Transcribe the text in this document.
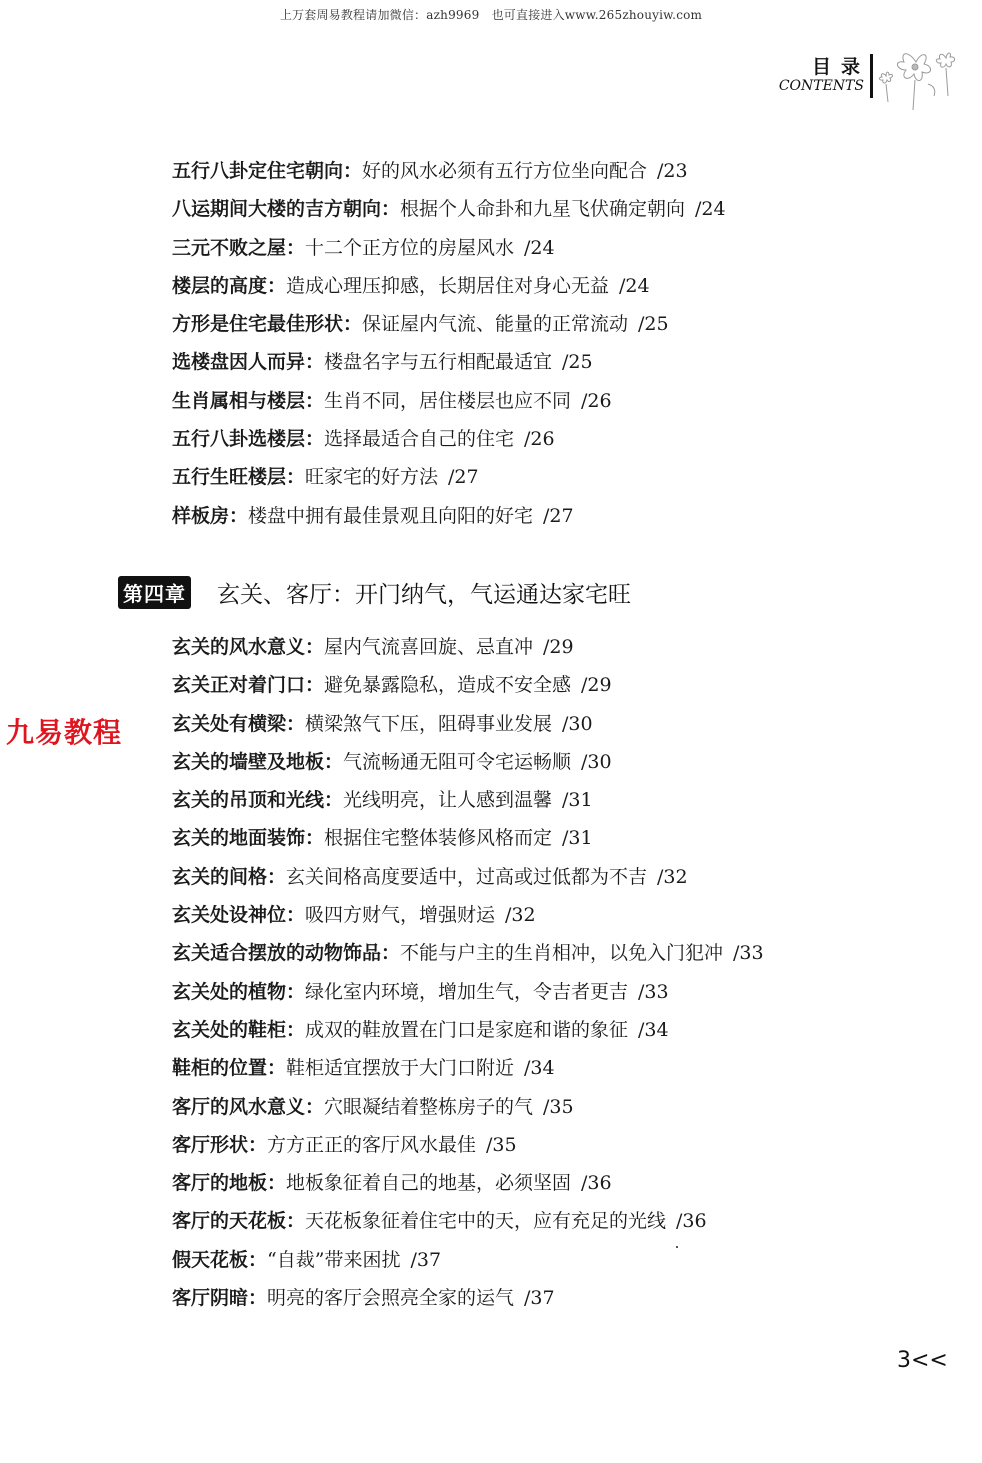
上万套周易教程请加微信：azh9969　也可直接进入www.265zhouyiw.com
目录
CONTENTS
五行八卦定住宅朝向：好的风水必须有五行方位坐向配合 /23
八运期间大楼的吉方朝向：根据个人命卦和九星飞伏确定朝向 /24
三元不败之屋：十二个正方位的房屋风水 /24
楼层的高度：造成心理压抑感，长期居住对身心无益 /24
方形是住宅最佳形状：保证屋内气流、能量的正常流动 /25
选楼盘因人而异：楼盘名字与五行相配最适宜 /25
生肖属相与楼层：生肖不同，居住楼层也应不同 /26
五行八卦选楼层：选择最适合自己的住宅 /26
五行生旺楼层：旺家宅的好方法 /27
样板房：楼盘中拥有最佳景观且向阳的好宅 /27
第四章 玄关、客厅：开门纳气，气运通达家宅旺
玄关的风水意义：屋内气流喜回旋、忌直冲 /29
玄关正对着门口：避免暴露隐私，造成不安全感 /29
玄关处有横梁：横梁煞气下压，阻碍事业发展 /30
玄关的墙壁及地板：气流畅通无阻可令宅运畅顺 /30
玄关的吊顶和光线：光线明亮，让人感到温馨 /31
玄关的地面装饰：根据住宅整体装修风格而定 /31
玄关的间格：玄关间格高度要适中，过高或过低都为不吉 /32
玄关处设神位：吸四方财气，增强财运 /32
玄关适合摆放的动物饰品：不能与户主的生肖相冲，以免入门犯冲 /33
玄关处的植物：绿化室内环境，增加生气，令吉者更吉 /33
玄关处的鞋柜：成双的鞋放置在门口是家庭和谐的象征 /34
鞋柜的位置：鞋柜适宜摆放于大门口附近 /34
客厅的风水意义：穴眼凝结着整栋房子的气 /35
客厅形状：方方正正的客厅风水最佳 /35
客厅的地板：地板象征着自己的地基，必须坚固 /36
客厅的天花板：天花板象征着住宅中的天，应有充足的光线 /36
假天花板：“自裁”带来困扰 /37
客厅阴暗：明亮的客厅会照亮全家的运气 /37
九易教程
3<<
